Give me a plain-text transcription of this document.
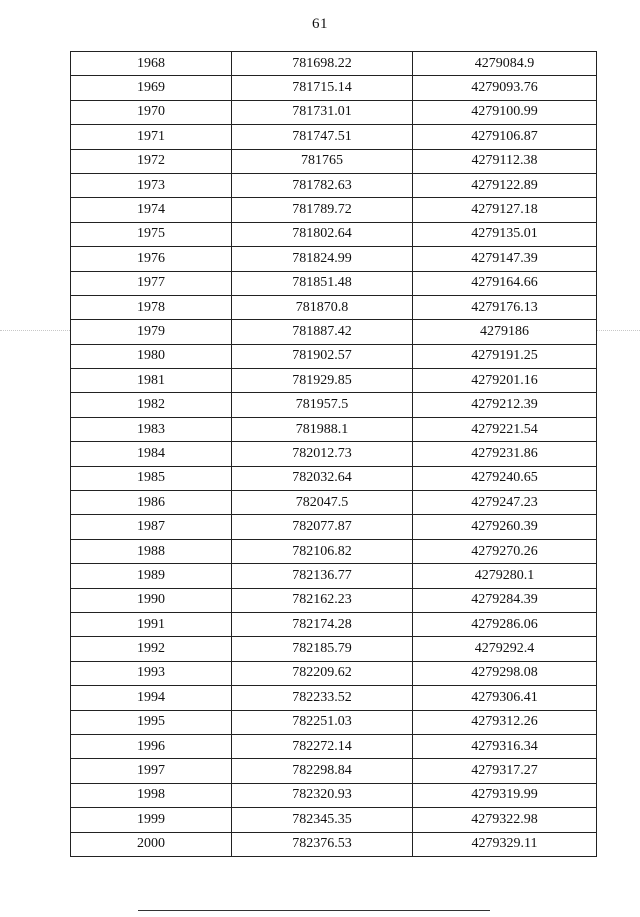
61
1968	781698.22	4279084.9
1969	781715.14	4279093.76
1970	781731.01	4279100.99
1971	781747.51	4279106.87
1972	781765	4279112.38
1973	781782.63	4279122.89
1974	781789.72	4279127.18
1975	781802.64	4279135.01
1976	781824.99	4279147.39
1977	781851.48	4279164.66
1978	781870.8	4279176.13
1979	781887.42	4279186
1980	781902.57	4279191.25
1981	781929.85	4279201.16
1982	781957.5	4279212.39
1983	781988.1	4279221.54
1984	782012.73	4279231.86
1985	782032.64	4279240.65
1986	782047.5	4279247.23
1987	782077.87	4279260.39
1988	782106.82	4279270.26
1989	782136.77	4279280.1
1990	782162.23	4279284.39
1991	782174.28	4279286.06
1992	782185.79	4279292.4
1993	782209.62	4279298.08
1994	782233.52	4279306.41
1995	782251.03	4279312.26
1996	782272.14	4279316.34
1997	782298.84	4279317.27
1998	782320.93	4279319.99
1999	782345.35	4279322.98
2000	782376.53	4279329.11
